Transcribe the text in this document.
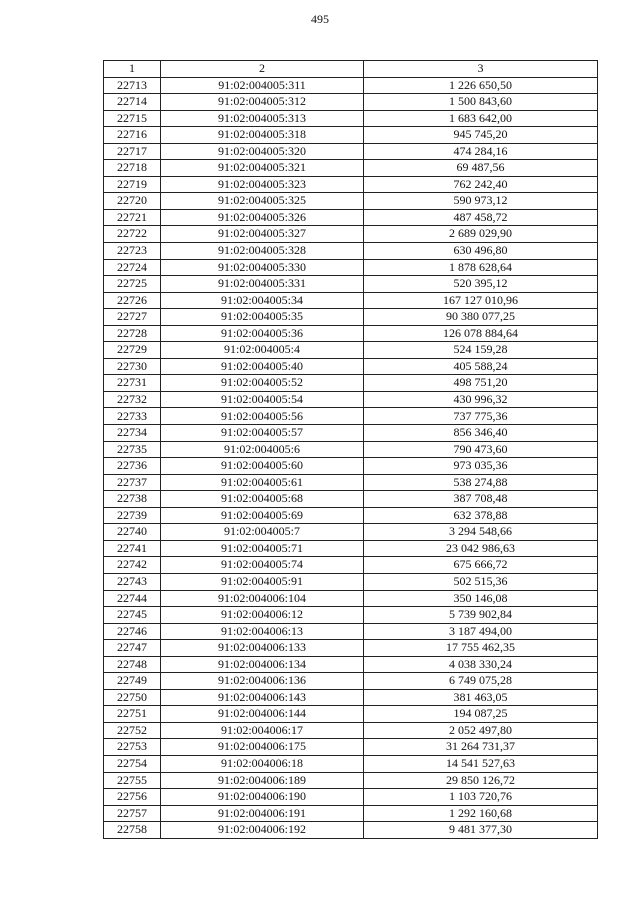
495
1	2	3
22713	91:02:004005:311	1 226 650,50
22714	91:02:004005:312	1 500 843,60
22715	91:02:004005:313	1 683 642,00
22716	91:02:004005:318	945 745,20
22717	91:02:004005:320	474 284,16
22718	91:02:004005:321	69 487,56
22719	91:02:004005:323	762 242,40
22720	91:02:004005:325	590 973,12
22721	91:02:004005:326	487 458,72
22722	91:02:004005:327	2 689 029,90
22723	91:02:004005:328	630 496,80
22724	91:02:004005:330	1 878 628,64
22725	91:02:004005:331	520 395,12
22726	91:02:004005:34	167 127 010,96
22727	91:02:004005:35	90 380 077,25
22728	91:02:004005:36	126 078 884,64
22729	91:02:004005:4	524 159,28
22730	91:02:004005:40	405 588,24
22731	91:02:004005:52	498 751,20
22732	91:02:004005:54	430 996,32
22733	91:02:004005:56	737 775,36
22734	91:02:004005:57	856 346,40
22735	91:02:004005:6	790 473,60
22736	91:02:004005:60	973 035,36
22737	91:02:004005:61	538 274,88
22738	91:02:004005:68	387 708,48
22739	91:02:004005:69	632 378,88
22740	91:02:004005:7	3 294 548,66
22741	91:02:004005:71	23 042 986,63
22742	91:02:004005:74	675 666,72
22743	91:02:004005:91	502 515,36
22744	91:02:004006:104	350 146,08
22745	91:02:004006:12	5 739 902,84
22746	91:02:004006:13	3 187 494,00
22747	91:02:004006:133	17 755 462,35
22748	91:02:004006:134	4 038 330,24
22749	91:02:004006:136	6 749 075,28
22750	91:02:004006:143	381 463,05
22751	91:02:004006:144	194 087,25
22752	91:02:004006:17	2 052 497,80
22753	91:02:004006:175	31 264 731,37
22754	91:02:004006:18	14 541 527,63
22755	91:02:004006:189	29 850 126,72
22756	91:02:004006:190	1 103 720,76
22757	91:02:004006:191	1 292 160,68
22758	91:02:004006:192	9 481 377,30
